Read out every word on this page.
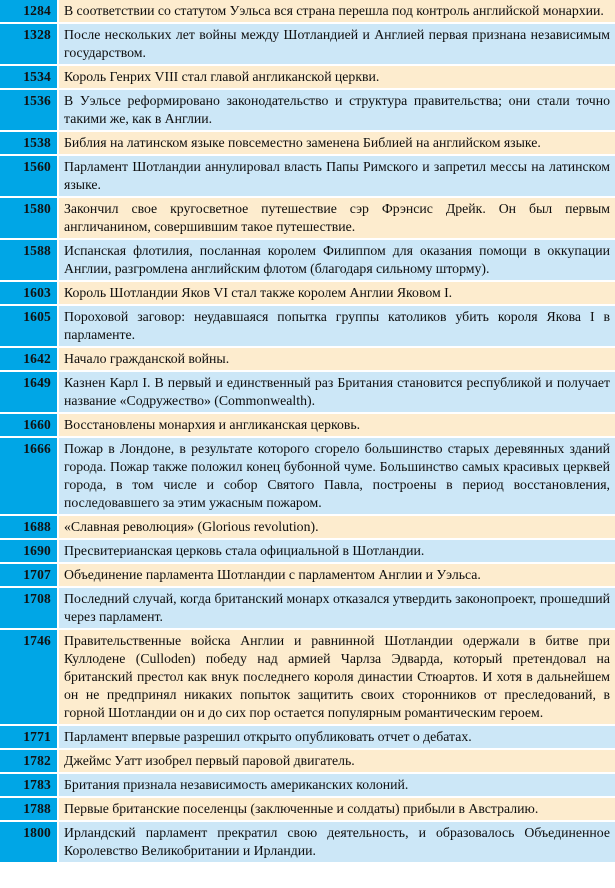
1284 В соответствии со статутом Уэльса вся страна перешла под контроль английской монархии.
1328 После нескольких лет войны между Шотландией и Англией первая признана независимым государством.
1534 Король Генрих VIII стал главой англиканской церкви.
1536 В Уэльсе реформировано законодательство и структура правительства; они стали точно такими же, как в Англии.
1538 Библия на латинском языке повсеместно заменена Библией на английском языке.
1560 Парламент Шотландии аннулировал власть Папы Римского и запретил мессы на латинском языке.
1580 Закончил свое кругосветное путешествие сэр Фрэнсис Дрейк. Он был первым англичанином, совершившим такое путешествие.
1588 Испанская флотилия, посланная королем Филиппом для оказания помощи в оккупации Англии, разгромлена английским флотом (благодаря сильному шторму).
1603 Король Шотландии Яков VI стал также королем Англии Яковом I.
1605 Пороховой заговор: неудавшаяся попытка группы католиков убить короля Якова I в парламенте.
1642 Начало гражданской войны.
1649 Казнен Карл I. В первый и единственный раз Британия становится республикой и получает название «Содружество» (Commonwealth).
1660 Восстановлены монархия и англиканская церковь.
1666 Пожар в Лондоне, в результате которого сгорело большинство старых деревянных зданий города. Пожар также положил конец бубонной чуме. Большинство самых красивых церквей города, в том числе и собор Святого Павла, построены в период восстановления, последовавшего за этим ужасным пожаром.
1688 «Славная революция» (Glorious revolution).
1690 Пресвитерианская церковь стала официальной в Шотландии.
1707 Объединение парламента Шотландии с парламентом Англии и Уэльса.
1708 Последний случай, когда британский монарх отказался утвердить законопроект, прошедший через парламент.
1746 Правительственные войска Англии и равнинной Шотландии одержали в битве при Куллодене (Culloden) победу над армией Чарлза Эдварда, который претендовал на британский престол как внук последнего короля династии Стюартов. И хотя в дальнейшем он не предпринял никаких попыток защитить своих сторонников от преследований, в горной Шотландии он и до сих пор остается популярным романтическим героем.
1771 Парламент впервые разрешил открыто опубликовать отчет о дебатах.
1782 Джеймс Уатт изобрел первый паровой двигатель.
1783 Британия признала независимость американских колоний.
1788 Первые британские поселенцы (заключенные и солдаты) прибыли в Австралию.
1800 Ирландский парламент прекратил свою деятельность, и образовалось Объединенное Королевство Великобритании и Ирландии.
